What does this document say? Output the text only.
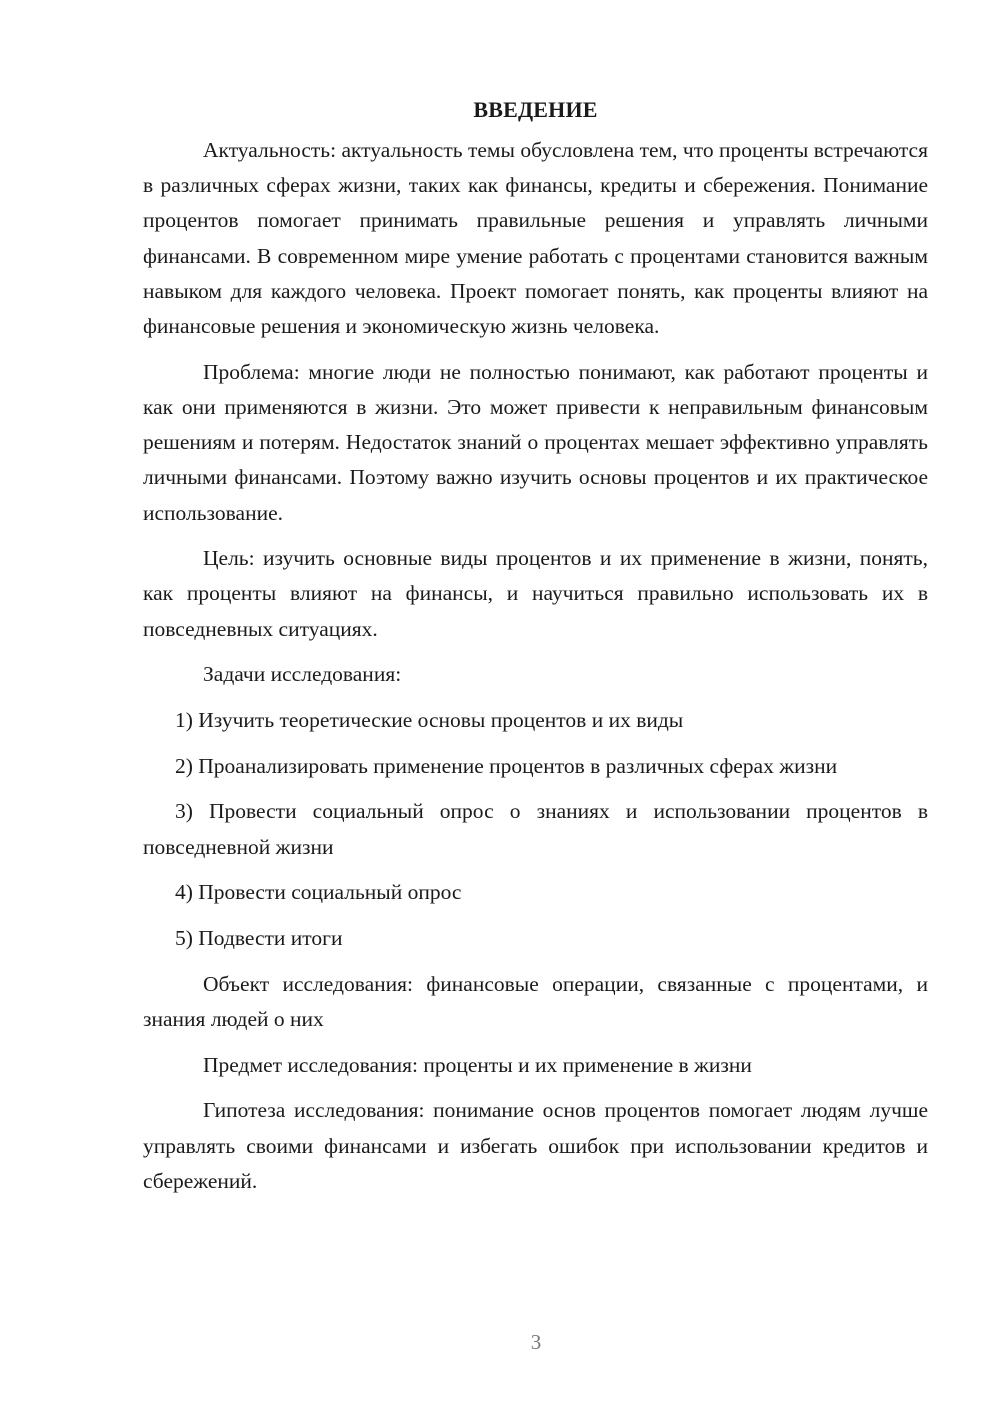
ВВЕДЕНИЕ

Актуальность: актуальность темы обусловлена тем, что проценты встречаются в различных сферах жизни, таких как финансы, кредиты и сбережения. Понимание процентов помогает принимать правильные решения и управлять личными финансами. В современном мире умение работать с процентами становится важным навыком для каждого человека. Проект помогает понять, как проценты влияют на финансовые решения и экономическую жизнь человека.

Проблема: многие люди не полностью понимают, как работают проценты и как они применяются в жизни. Это может привести к неправильным финансовым решениям и потерям. Недостаток знаний о процентах мешает эффективно управлять личными финансами. Поэтому важно изучить основы процентов и их практическое использование.

Цель: изучить основные виды процентов и их применение в жизни, понять, как проценты влияют на финансы, и научиться правильно использовать их в повседневных ситуациях.

Задачи исследования:

1) Изучить теоретические основы процентов и их виды

2) Проанализировать применение процентов в различных сферах жизни

3) Провести социальный опрос о знаниях и использовании процентов в повседневной жизни

4) Провести социальный опрос

5) Подвести итоги

Объект исследования: финансовые операции, связанные с процентами, и знания людей о них

Предмет исследования: проценты и их применение в жизни

Гипотеза исследования: понимание основ процентов помогает людям лучше управлять своими финансами и избегать ошибок при использовании кредитов и сбережений.

3
